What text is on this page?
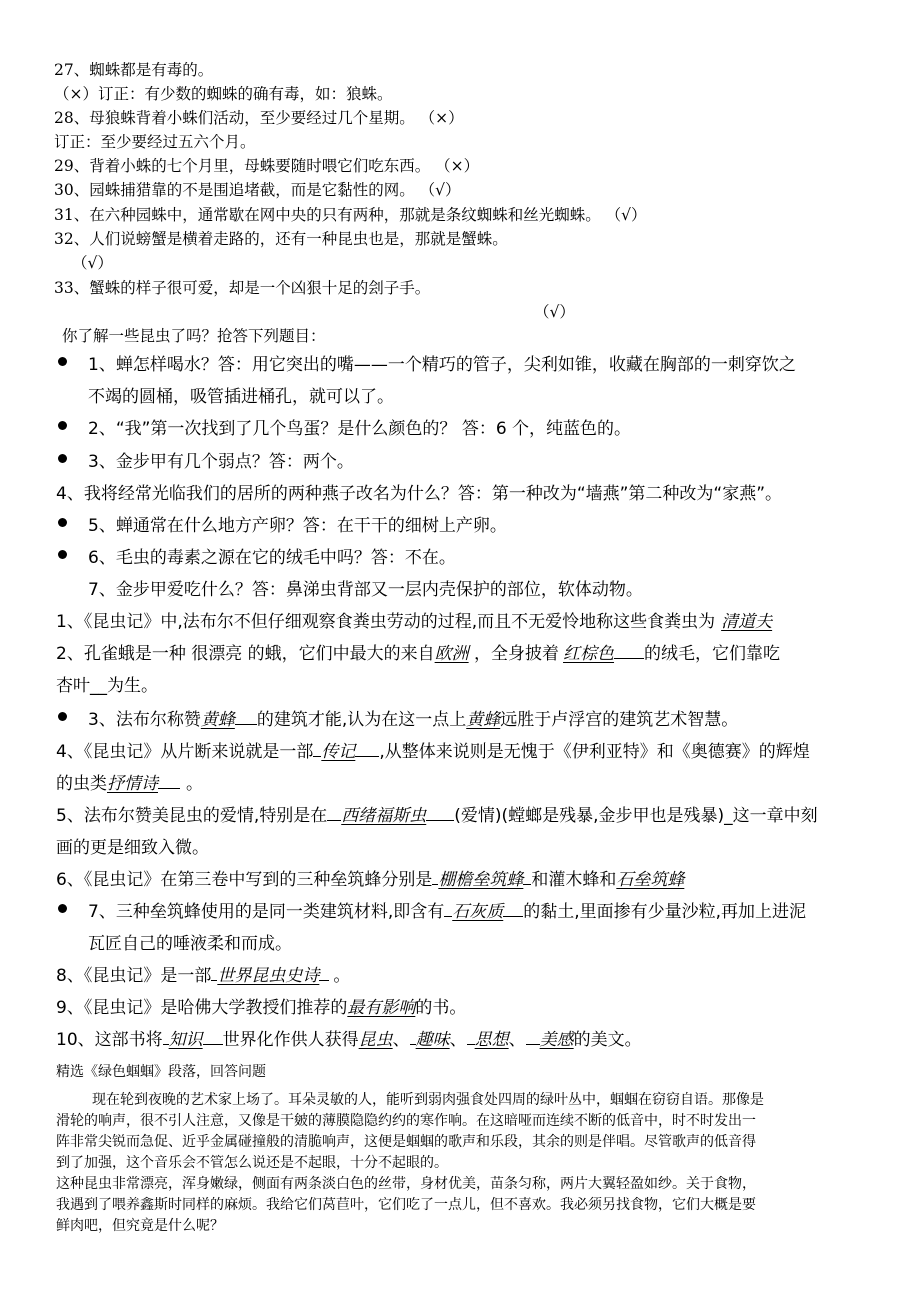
27、蜘蛛都是有毒的。
（×）订正：有少数的蜘蛛的确有毒，如：狼蛛。
28、母狼蛛背着小蛛们活动，至少要经过几个星期。 （×）
订正：至少要经过五六个月。
29、背着小蛛的七个月里，母蛛要随时喂它们吃东西。 （×）
30、园蛛捕猎靠的不是围追堵截，而是它黏性的网。 （√）
31、在六种园蛛中，通常歇在网中央的只有两种，那就是条纹蜘蛛和丝光蜘蛛。 （√）
32、人们说螃蟹是横着走路的，还有一种昆虫也是，那就是蟹蛛。
（√）
33、蟹蛛的样子很可爱，却是一个凶狠十足的刽子手。
（√）
你了解一些昆虫了吗？抢答下列题目：
1、蝉怎样喝水？答：用它突出的嘴——一个精巧的管子，尖利如锥，收藏在胸部的一刺穿饮之
不竭的圆桶，吸管插进桶孔，就可以了。
2、“我”第一次找到了几个鸟蛋？是什么颜色的？ 答：6 个，纯蓝色的。
3、金步甲有几个弱点？答：两个。
4、我将经常光临我们的居所的两种燕子改名为什么？答：第一种改为“墙燕”第二种改为“家燕”。
5、蝉通常在什么地方产卵？答：在干干的细树上产卵。
6、毛虫的毒素之源在它的绒毛中吗？答：不在。
7、金步甲爱吃什么？答：鼻涕虫背部又一层内壳保护的部位，软体动物。
1、《昆虫记》中,法布尔不但仔细观察食粪虫劳动的过程,而且不无爱怜地称这些食粪虫为 清道夫
2、孔雀蛾是一种 很漂亮 的蛾，它们中最大的来自欧洲 ，全身披着 红棕色 的绒毛，它们靠吃
杏叶__为生。
3、法布尔称赞黄蜂 的建筑才能,认为在这一点上黄蜂远胜于卢浮宫的建筑艺术智慧。
4、《昆虫记》从片断来说就是一部 传记 ,从整体来说则是无愧于《伊利亚特》和《奥德赛》的辉煌
的虫类抒情诗 。
5、法布尔赞美昆虫的爱情,特别是在 西绪福斯虫 (爱情)(螳螂是残暴,金步甲也是残暴)_这一章中刻
画的更是细致入微。
6、《昆虫记》在第三卷中写到的三种垒筑蜂分别是 棚檐垒筑蜂 和灌木蜂和石垒筑蜂
7、三种垒筑蜂使用的是同一类建筑材料,即含有 石灰质 的黏土,里面掺有少量沙粒,再加上进泥
瓦匠自己的唾液柔和而成。
8、《昆虫记》是一部 世界昆虫史诗 。
9、《昆虫记》是哈佛大学教授们推荐的最有影响的书。
10、这部书将 知识 世界化作供人获得昆虫、 趣味、 思想、 美感的美文。
精选《绿色蝈蝈》段落，回答问题
现在轮到夜晚的艺术家上场了。耳朵灵敏的人，能听到弱肉强食处四周的绿叶丛中，蝈蝈在窃窃自语。那像是
滑轮的响声，很不引人注意，又像是干皴的薄膜隐隐约约的寒作响。在这暗哑而连续不断的低音中，时不时发出一
阵非常尖锐而急促、近乎金属碰撞般的清脆响声，这便是蝈蝈的歌声和乐段，其余的则是伴唱。尽管歌声的低音得
到了加强，这个音乐会不管怎么说还是不起眼，十分不起眼的。
这种昆虫非常漂亮，浑身嫩绿，侧面有两条淡白色的丝带，身材优美，苗条匀称，两片大翼轻盈如纱。关于食物，
我遇到了喂养鑫斯时同样的麻烦。我给它们莴苣叶，它们吃了一点儿，但不喜欢。我必须另找食物，它们大概是要
鲜肉吧，但究竟是什么呢？
